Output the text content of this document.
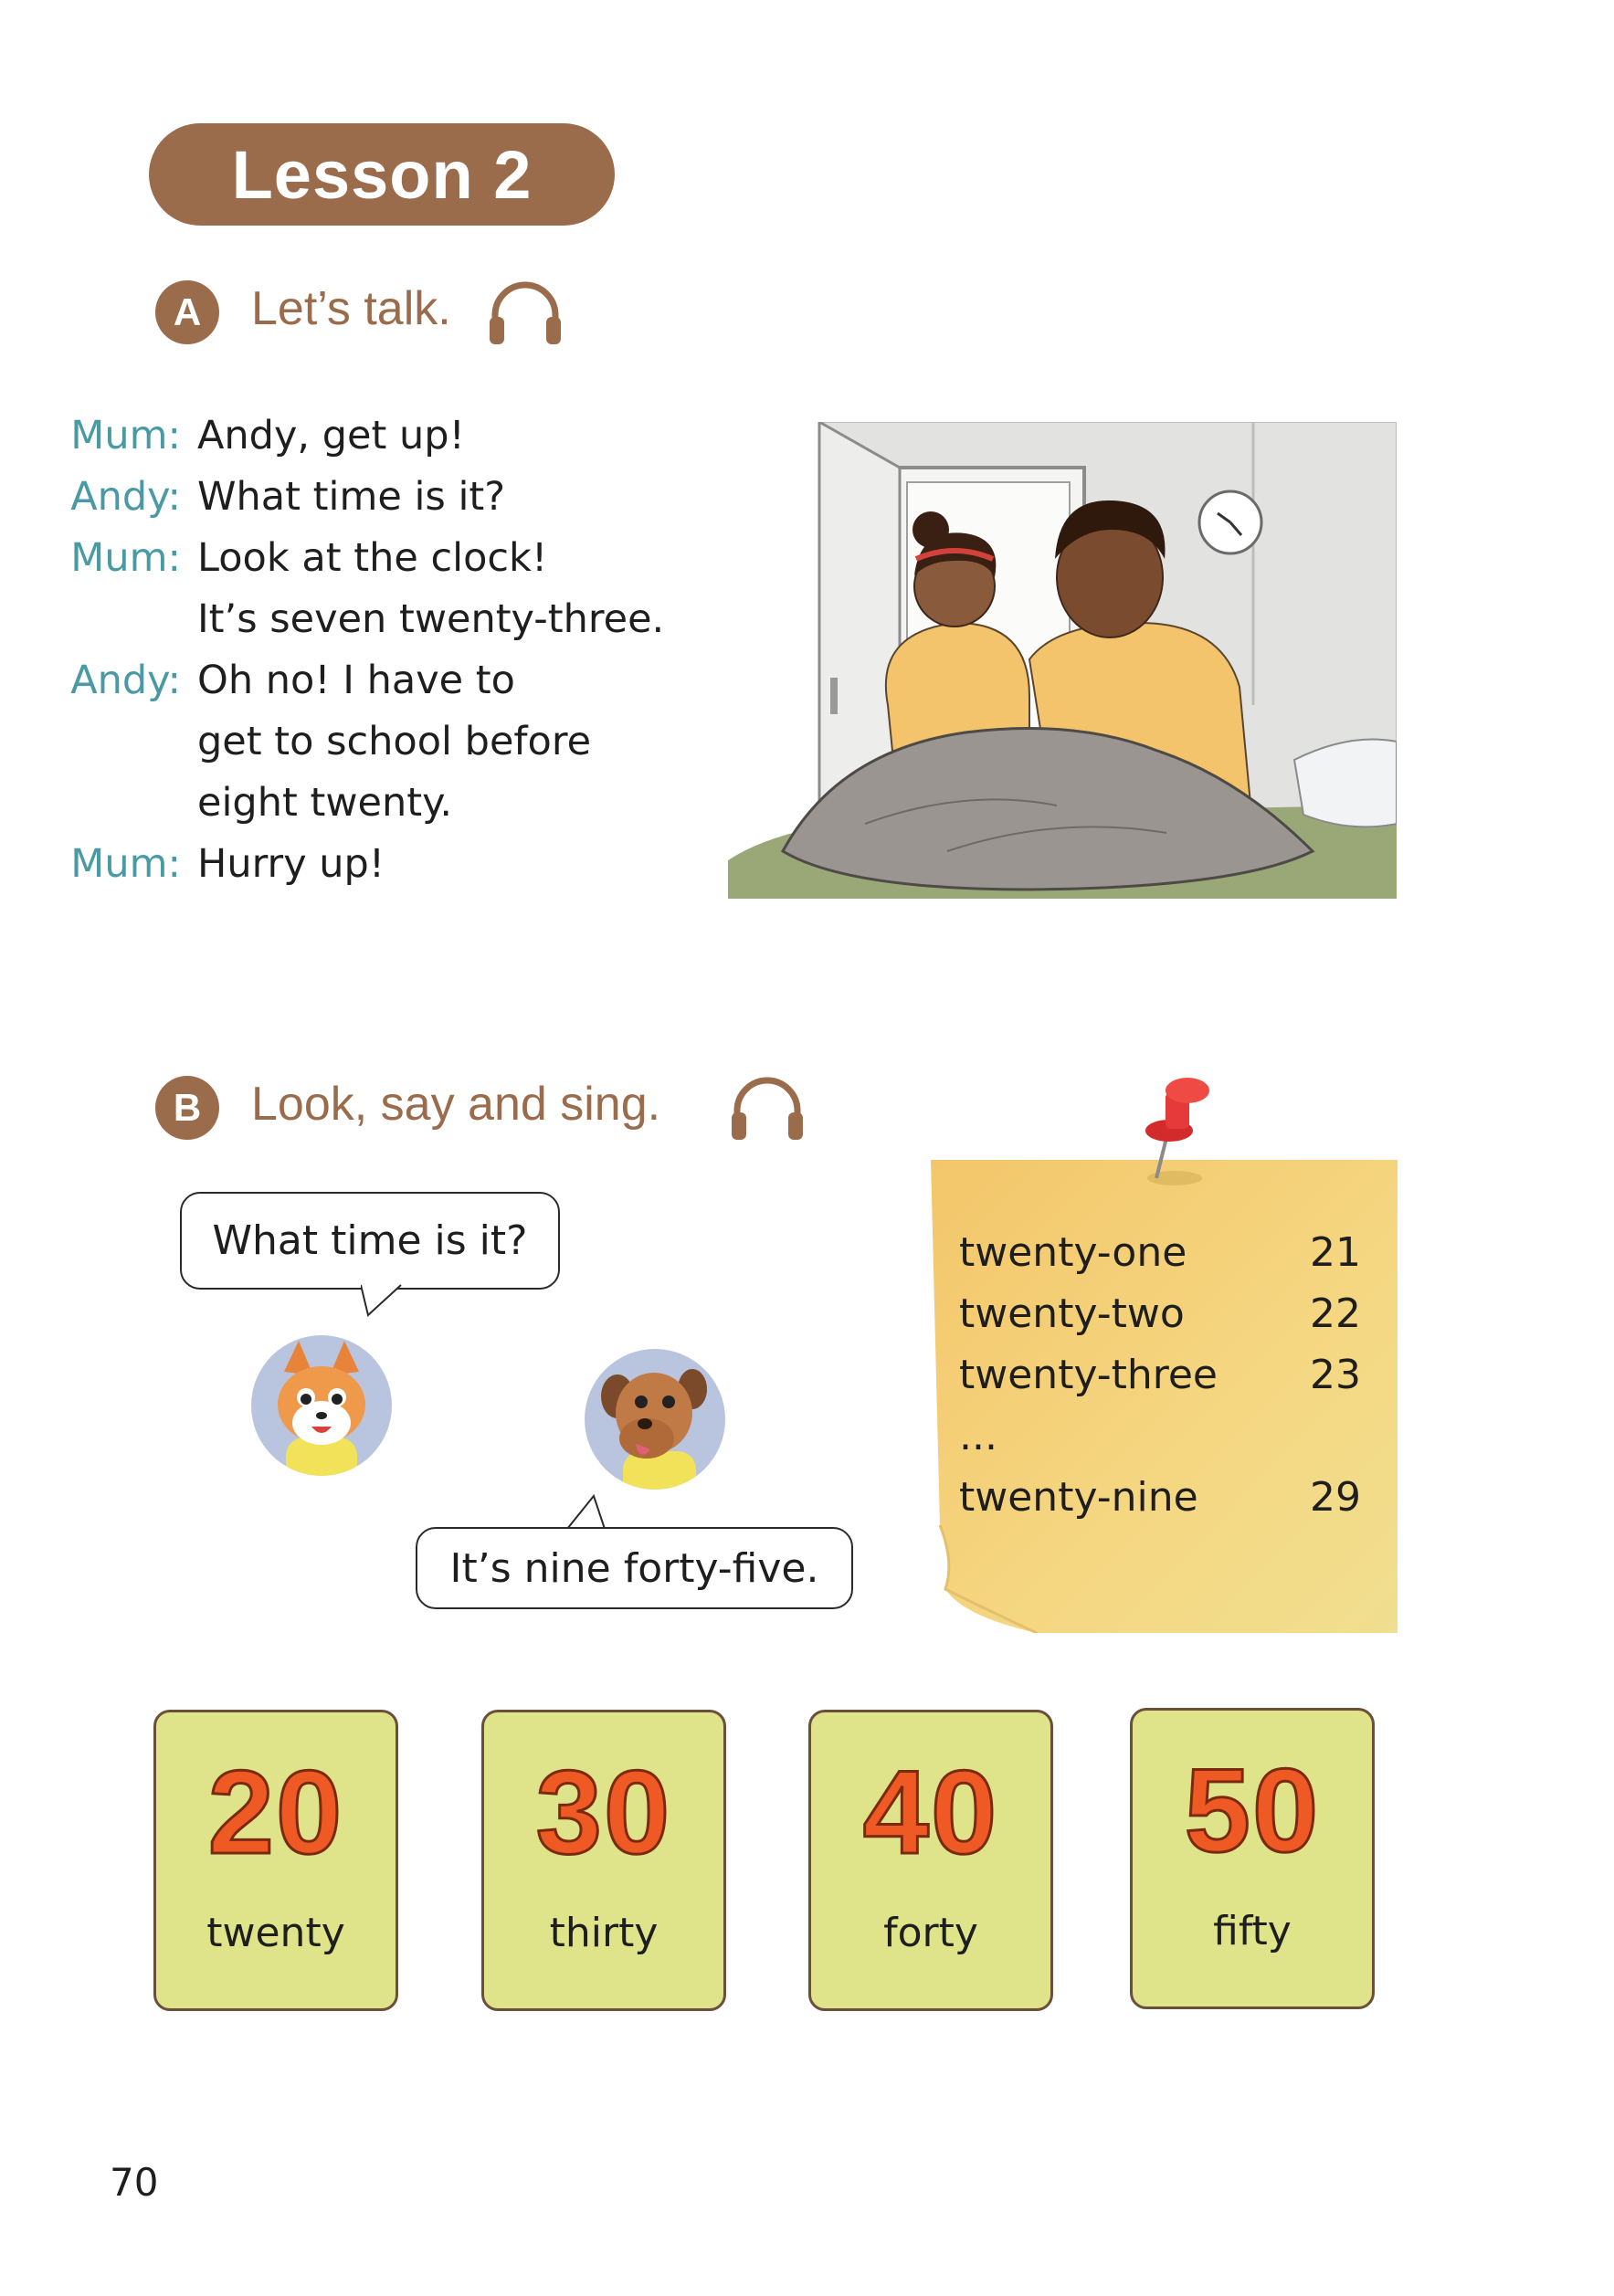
Lesson 2
A	Let’s talk.
Mum: Andy, get up!
Andy: What time is it?
Mum: Look at the clock!
It’s seven twenty-three.
Andy: Oh no! I have to
get to school before
eight twenty.
Mum: Hurry up!
B	Look, say and sing.
What time is it?
It’s nine forty-five.
twenty-one	21
twenty-two	22
twenty-three 23
...
twenty-nine	29
20
twenty
30
thirty
40
forty
50
fifty
70
